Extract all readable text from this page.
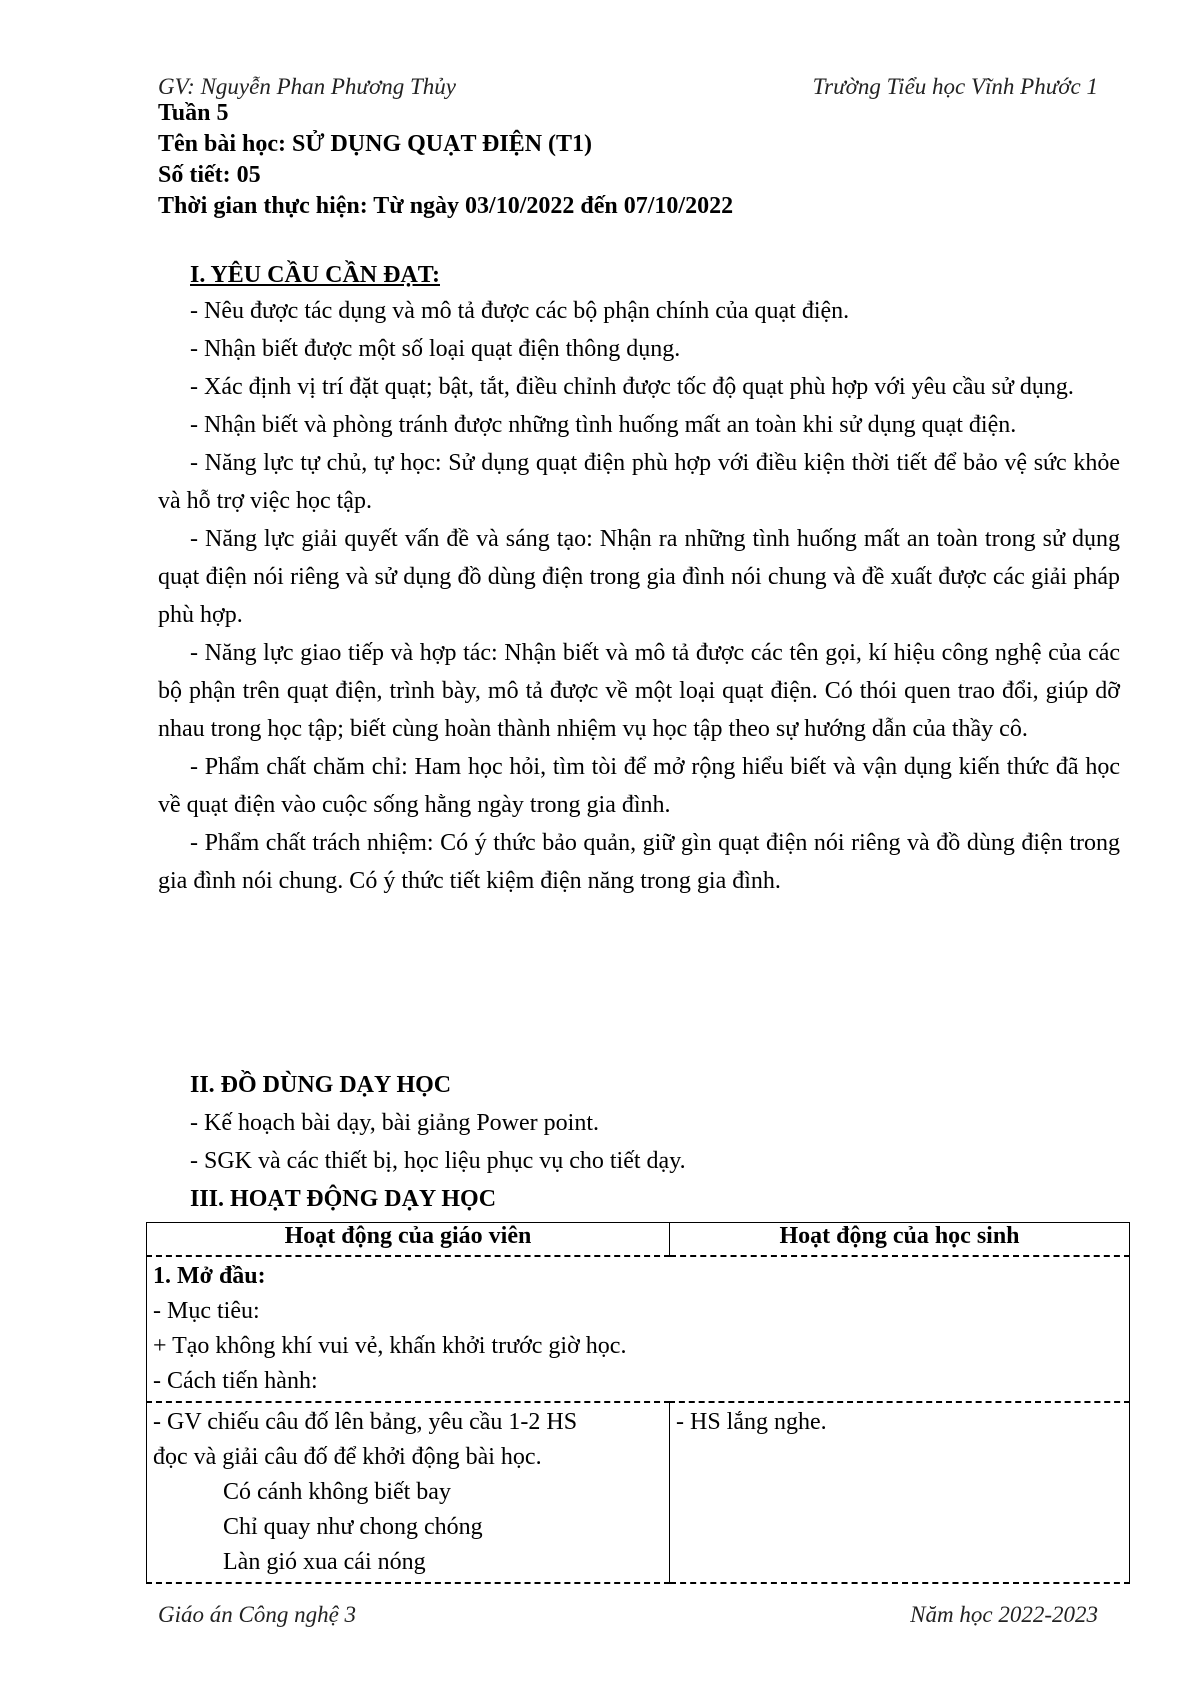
GV: Nguyễn Phan Phương Thủy	Trường Tiểu học Vĩnh Phước 1
Tuần 5
Tên bài học: SỬ DỤNG QUẠT ĐIỆN (T1)
Số tiết: 05
Thời gian thực hiện: Từ ngày 03/10/2022 đến 07/10/2022
I. YÊU CẦU CẦN ĐẠT:

- Nêu được tác dụng và mô tả được các bộ phận chính của quạt điện.

- Nhận biết được một số loại quạt điện thông dụng.

- Xác định vị trí đặt quạt; bật, tắt, điều chỉnh được tốc độ quạt phù hợp với yêu cầu sử dụng.

- Nhận biết và phòng tránh được những tình huống mất an toàn khi sử dụng quạt điện.

- Năng lực tự chủ, tự học: Sử dụng quạt điện phù hợp với điều kiện thời tiết để bảo vệ sức khỏe và hỗ trợ việc học tập.

- Năng lực giải quyết vấn đề và sáng tạo: Nhận ra những tình huống mất an toàn trong sử dụng quạt điện nói riêng và sử dụng đồ dùng điện trong gia đình nói chung và đề xuất được các giải pháp phù hợp.

- Năng lực giao tiếp và hợp tác: Nhận biết và mô tả được các tên gọi, kí hiệu công nghệ của các bộ phận trên quạt điện, trình bày, mô tả được về một loại quạt điện. Có thói quen trao đổi, giúp dỡ nhau trong học tập; biết cùng hoàn thành nhiệm vụ học tập theo sự hướng dẫn của thầy cô.

- Phẩm chất chăm chỉ: Ham học hỏi, tìm tòi để mở rộng hiểu biết và vận dụng kiến thức đã học về quạt điện vào cuộc sống hằng ngày trong gia đình.

- Phẩm chất trách nhiệm: Có ý thức bảo quản, giữ gìn quạt điện nói riêng và đồ dùng điện trong gia đình nói chung. Có ý thức tiết kiệm điện năng trong gia đình.

II. ĐỒ DÙNG DẠY HỌC

- Kế hoạch bài dạy, bài giảng Power point.

- SGK và các thiết bị, học liệu phục vụ cho tiết dạy.

III. HOẠT ĐỘNG DẠY HỌC
Hoạt động của giáo viên	Hoạt động của học sinh

1. Mở đầu:
- Mục tiêu:
+ Tạo không khí vui vẻ, khấn khởi trước giờ học.
- Cách tiến hành:	

- GV chiếu câu đố lên bảng, yêu cầu 1-2 HS
đọc và giải câu đố để khởi động bài học.
Có cánh không biết bay
Chỉ quay như chong chóng
Làn gió xua cái nóng	- HS lắng nghe.
Giáo án Công nghệ 3	Năm học 2022-2023
